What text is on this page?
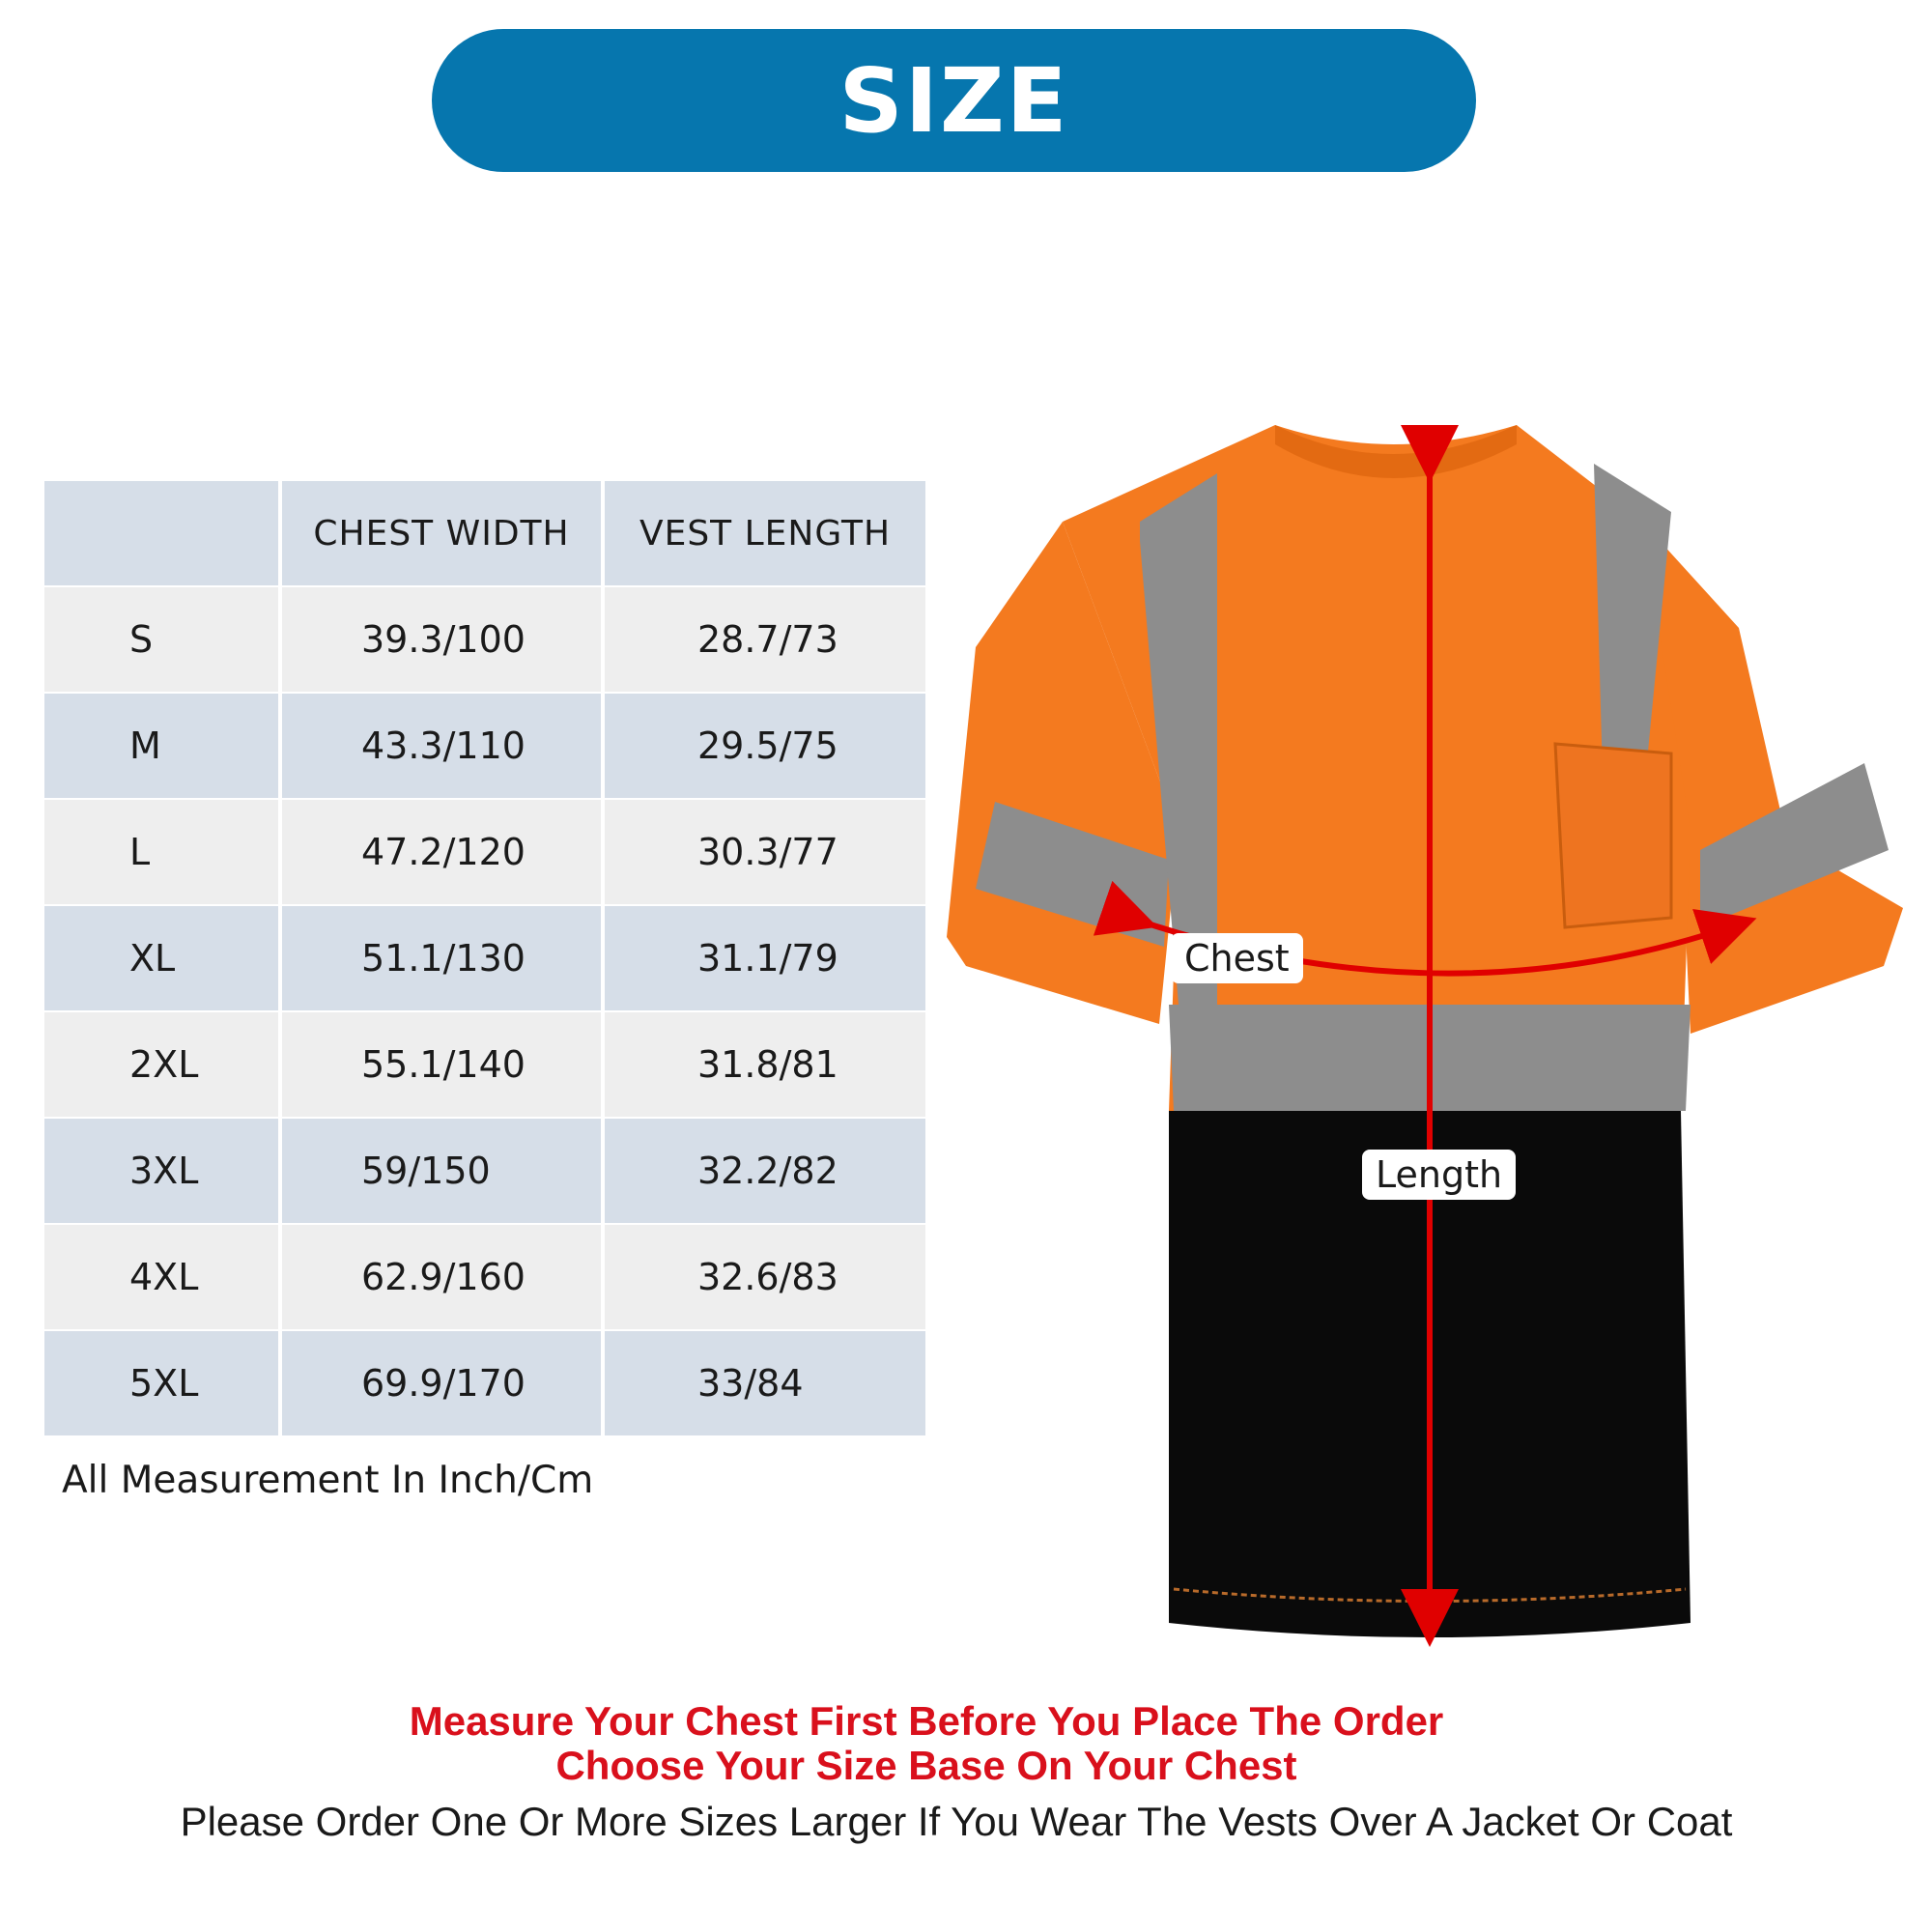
SIZE
	CHEST WIDTH	VEST LENGTH
S	39.3/100	28.7/73
M	43.3/110	29.5/75
L	47.2/120	30.3/77
XL	51.1/130	31.1/79
2XL	55.1/140	31.8/81
3XL	59/150	32.2/82
4XL	62.9/160	32.6/83
5XL	69.9/170	33/84
All Measurement In Inch/Cm
Chest
Length
Measure Your Chest First Before You Place The Order
Choose Your Size Base On Your Chest
Please Order One Or More Sizes Larger If You Wear The Vests Over A Jacket Or Coat
